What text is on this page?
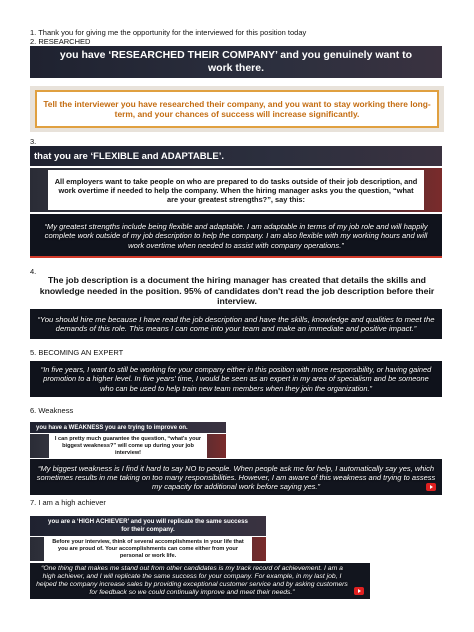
1. Thank you for giving me the opportunity for the interviewed for this position today
2. RESEARCHED
you have ‘RESEARCHED THEIR COMPANY’ and you genuinely want to work there.
Tell the interviewer you have researched their company, and you want to stay working there long-term, and your chances of success will increase significantly.
3.
that you are ‘FLEXIBLE and ADAPTABLE’.
All employers want to take people on who are prepared to do tasks outside of their job description, and work overtime if needed to help the company. When the hiring manager asks you the question, “what are your greatest strengths?”, say this:
“My greatest strengths include being flexible and adaptable. I am adaptable in terms of my job role and will happily complete work outside of my job description to help the company. I am also flexible with my working hours and will work overtime when needed to assist with company operations.”
4.
The job description is a document the hiring manager has created that details the skills and knowledge needed in the position. 95% of candidates don't read the job description before their interview.
“You should hire me because I have read the job description and have the skills, knowledge and qualities to meet the demands of this role. This means I can come into your team and make an immediate and positive impact.”
5. BECOMING AN EXPERT
“In five years, I want to still be working for your company either in this position with more responsibility, or having gained promotion to a higher level. In five years' time, I would be seen as an expert in my area of specialism and be someone who can be used to help train new team members when they join the organization.”
6. Weakness
you have a WEAKNESS you are trying to improve on.
I can pretty much guarantee the question, “what's your biggest weakness?” will come up during your job interview!
“My biggest weakness is I find it hard to say NO to people. When people ask me for help, I automatically say yes, which sometimes results in me taking on too many responsibilities. However, I am aware of this weakness and trying to assess my capacity for additional work before saying yes.”
7. I am a high achiever
you are a ‘HIGH ACHIEVER’ and you will replicate the same success for their company.
Before your interview, think of several accomplishments in your life that you are proud of. Your accomplishments can come either from your personal or work life.
“One thing that makes me stand out from other candidates is my track record of achievement. I am a high achiever, and I will replicate the same success for your company. For example, in my last job, I helped the company increase sales by providing exceptional customer service and by asking customers for feedback so we could continually improve and meet their needs.”
